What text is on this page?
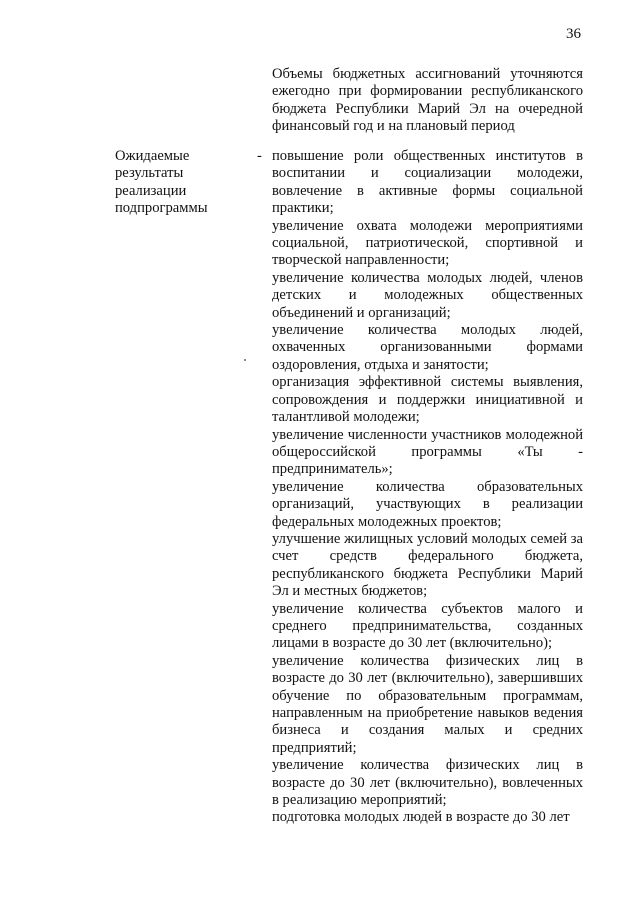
36
Объемы бюджетных ассигнований уточняются ежегодно при формировании республиканского бюджета Республики Марий Эл на очередной финансовый год и на плановый период
Ожидаемые
результаты
реализации
подпрограммы
- повышение роли общественных институтов в воспитании и социализации молодежи, вовлечение в активные формы социальной практики;

увеличение охвата молодежи мероприятиями социальной, патриотической, спортивной и творческой направленности;

увеличение количества молодых людей, членов детских и молодежных общественных объединений и организаций;

увеличение количества молодых людей, охваченных организованными формами оздоровления, отдыха и занятости;

организация эффективной системы выявления, сопровождения и поддержки инициативной и талантливой молодежи;

увеличение численности участников молодежной общероссийской программы «Ты - предприниматель»;

увеличение количества образовательных организаций, участвующих в реализации федеральных молодежных проектов;

улучшение жилищных условий молодых семей за счет средств федерального бюджета, республиканского бюджета Республики Марий Эл и местных бюджетов;

увеличение количества субъектов малого и среднего предпринимательства, созданных лицами в возрасте до 30 лет (включительно);

увеличение количества физических лиц в возрасте до 30 лет (включительно), завершивших обучение по образовательным программам, направленным на приобретение навыков ведения бизнеса и создания малых и средних предприятий;

увеличение количества физических лиц в возрасте до 30 лет (включительно), вовлеченных в реализацию мероприятий;

подготовка молодых людей в возрасте до 30 лет
